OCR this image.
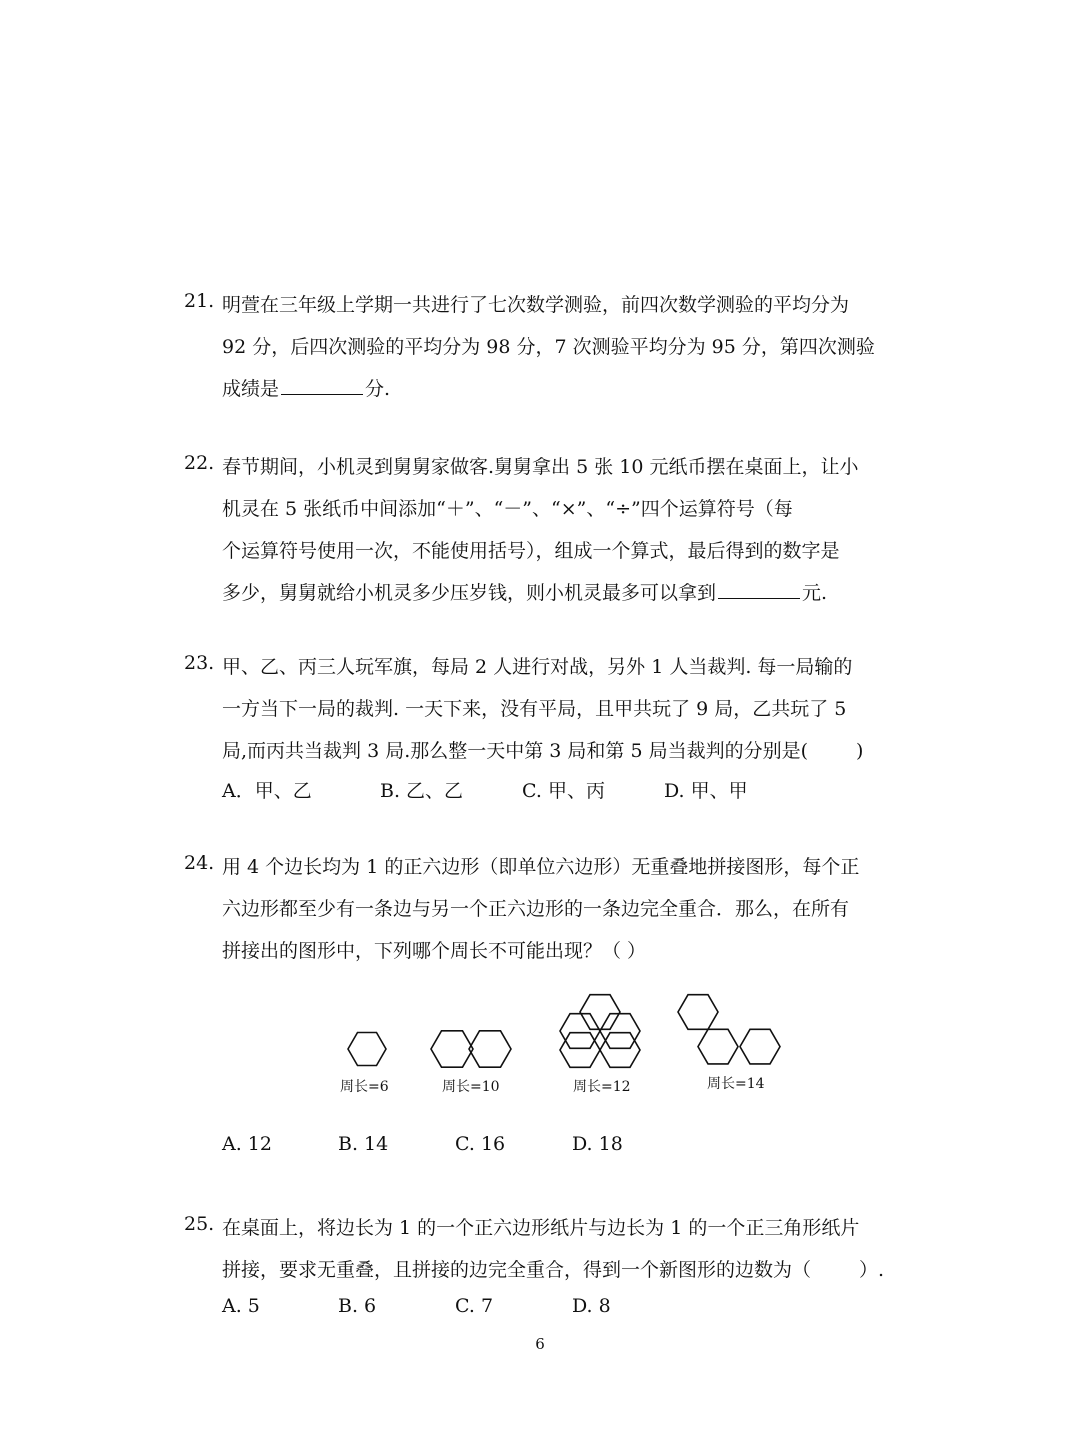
21. 明萱在三年级上学期一共进行了七次数学测验，前四次数学测验的平均分为
92 分，后四次测验的平均分为 98 分，7 次测验平均分为 95 分，第四次测验
成绩是	分.
22. 春节期间，小机灵到舅舅家做客.舅舅拿出 5 张 10 元纸币摆在桌面上，让小
机灵在 5 张纸币中间添加“＋”、“－”、“×”、“÷”四个运算符号（每
个运算符号使用一次，不能使用括号），组成一个算式，最后得到的数字是
多少，舅舅就给小机灵多少压岁钱，则小机灵最多可以拿到	元.
23. 甲、乙、丙三人玩军旗，每局 2 人进行对战，另外 1 人当裁判. 每一局输的
一方当下一局的裁判. 一天下来，没有平局，且甲共玩了 9 局，乙共玩了 5
局,而丙共当裁判 3 局.那么整一天中第 3 局和第 5 局当裁判的分别是(	)
A．甲、乙	B. 乙、乙	C. 甲、丙	D. 甲、甲
24. 用 4 个边长均为 1 的正六边形（即单位六边形）无重叠地拼接图形，每个正
六边形都至少有一条边与另一个正六边形的一条边完全重合．那么，在所有
拼接出的图形中，下列哪个周长不可能出现？（ ）
周长=6	周长=10	周长=12	周长=14
A. 12	B. 14	C. 16	D. 18
25. 在桌面上，将边长为 1 的一个正六边形纸片与边长为 1 的一个正三角形纸片
拼接，要求无重叠，且拼接的边完全重合，得到一个新图形的边数为（	）.
A. 5	B. 6	C. 7	D. 8
6
